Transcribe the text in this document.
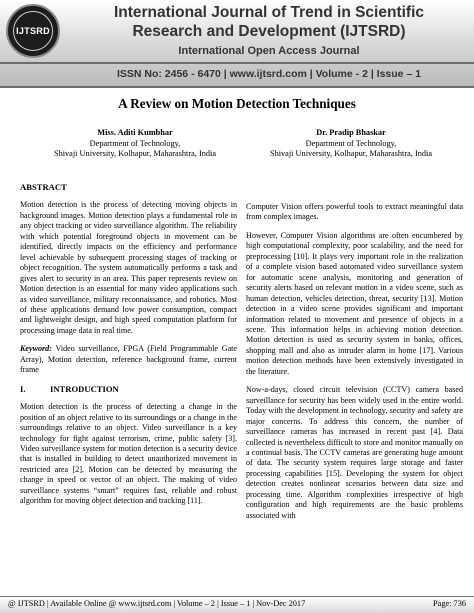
IJTSRD
International Journal of Trend in Scientific
Research and Development (IJTSRD)
International Open Access Journal
ISSN No: 2456 - 6470 | www.ijtsrd.com | Volume - 2 | Issue – 1
A Review on Motion Detection Techniques
Miss. Aditi Kumbhar
Department of Technology,
Shivaji University, Kolhapur, Maharashtra, India
Dr. Pradip Bhaskar
Department of Technology,
Shivaji University, Kolhapur, Maharashtra, India
ABSTRACT

Motion detection is the process of detecting moving objects in background images. Motion detection plays a fundamental role in any object tracking or video surveillance algorithm. The reliability with which potential foreground objects in movement can be identified, directly impacts on the efficiency and performance level achievable by subsequent processing stages of tracking or object recognition. The system automatically performs a task and gives alert to security in an area. This paper represents review on Motion detection is an essential for many video applications such as video surveillance, military reconnaissance, and robotics. Most of these applications demand low power consumption, compact and lightweight design, and high speed computation platform for processing image data in real time.

Keyword: Video surveillance, FPGA (Field Programmable Gate Array), Motion detection, reference background frame, current frame

I.	INTRODUCTION

Motion detection is the process of detecting a change in the position of an object relative to its surroundings or a change in the surroundings relative to an object. Video surveillance is a key technology for fight against terrorism, crime, public safety [3]. Video surveillance system for motion detection is a security device that is installed in building to detect unauthorized movement in restricted area [2]. Motion can be detected by measuring the change in speed or vector of an object. The making of video surveillance systems “smart” requires fast, reliable and robust algorithm for moving object detection and tracking [11].

Computer Vision offers powerful tools to extract meaningful data from complex images.

However, Computer Vision algorithms are often encumbered by high computational complexity, poor scalability, and the need for preprocessing [10]. It plays very important role in the realization of a complete vision based automated video surveillance system for automatic scene analysis, monitoring and generation of security alerts based on relevant motion in a video scene, such as human detection, vehicles detection, threat, security [13]. Motion detection in a video scene provides significant and important information related to movement and presence of objects in a scene. This information helps in achieving motion detection. Motion detection is used as security system in banks, offices, shopping mall and also as intruder alarm in home [17]. Various motion detection methods have been extensively investigated in the literature.

Now-a-days, closed circuit television (CCTV) camera based surveillance for security has been widely used in the entire world. Today with the development in technology, security and safety are major concerns. To address this concern, the number of surveillance cameras has increased in recent past [4]. Data collected is nevertheless difficult to store and monitor manually on a continual basis. The CCTV cameras are generating huge amount of data. The security system requires large storage and faster processing capabilities [15]. Developing the system for object detection creates nonlinear scenarios between data size and processing time. Algorithm complexities irrespective of high configuration and high requirements are the basic problems associated with

@ IJTSRD | Available Online @ www.ijtsrd.com | Volume – 2 | Issue – 1 | Nov-Dec 2017	Page: 736
